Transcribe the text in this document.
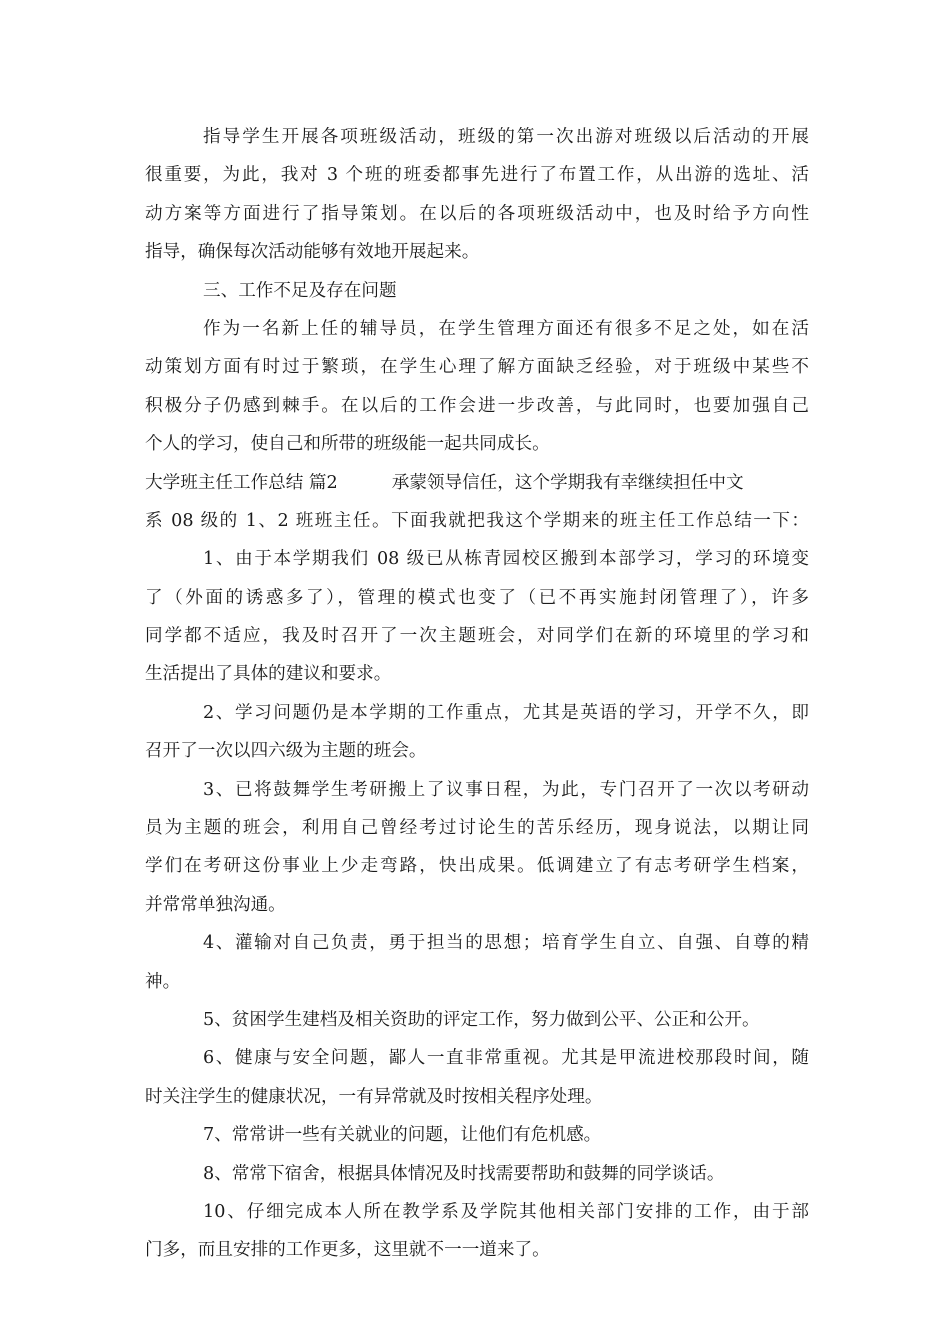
指导学生开展各项班级活动，班级的第一次出游对班级以后活动的开展
很重要，为此，我对 3 个班的班委都事先进行了布置工作，从出游的选址、活
动方案等方面进行了指导策划。在以后的各项班级活动中，也及时给予方向性
指导，确保每次活动能够有效地开展起来。
三、工作不足及存在问题
作为一名新上任的辅导员，在学生管理方面还有很多不足之处，如在活
动策划方面有时过于繁琐，在学生心理了解方面缺乏经验，对于班级中某些不
积极分子仍感到棘手。在以后的工作会进一步改善，与此同时，也要加强自己
个人的学习，使自己和所带的班级能一起共同成长。
大学班主任工作总结 篇2	承蒙领导信任，这个学期我有幸继续担任中文
系 08 级的 1、2 班班主任。下面我就把我这个学期来的班主任工作总结一下：
1、由于本学期我们 08 级已从栋青园校区搬到本部学习，学习的环境变
了（外面的诱惑多了），管理的模式也变了（已不再实施封闭管理了），许多
同学都不适应，我及时召开了一次主题班会，对同学们在新的环境里的学习和
生活提出了具体的建议和要求。
2、学习问题仍是本学期的工作重点，尤其是英语的学习，开学不久，即
召开了一次以四六级为主题的班会。
3、已将鼓舞学生考研搬上了议事日程，为此，专门召开了一次以考研动
员为主题的班会，利用自己曾经考过讨论生的苦乐经历，现身说法，以期让同
学们在考研这份事业上少走弯路，快出成果。低调建立了有志考研学生档案，
并常常单独沟通。
4、灌输对自己负责，勇于担当的思想；培育学生自立、自强、自尊的精
神。
5、贫困学生建档及相关资助的评定工作，努力做到公平、公正和公开。
6、健康与安全问题，鄙人一直非常重视。尤其是甲流进校那段时间，随
时关注学生的健康状况，一有异常就及时按相关程序处理。
7、常常讲一些有关就业的问题，让他们有危机感。
8、常常下宿舍，根据具体情况及时找需要帮助和鼓舞的同学谈话。
10、仔细完成本人所在教学系及学院其他相关部门安排的工作，由于部
门多，而且安排的工作更多，这里就不一一道来了。
